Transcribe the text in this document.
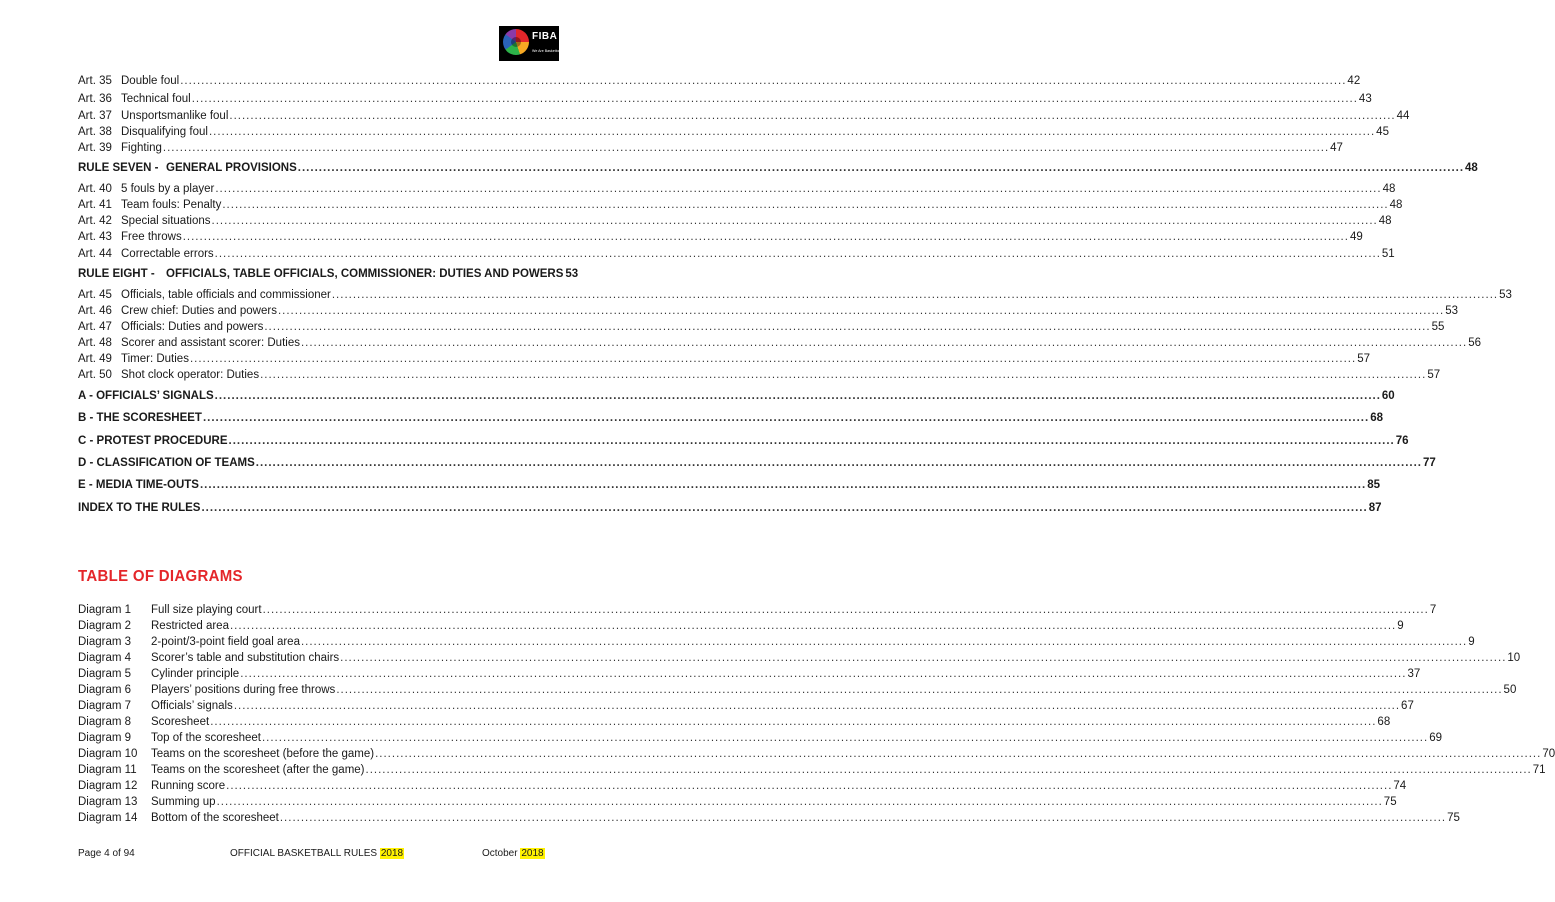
FIBA
We Are Basketball
Art. 35 Double foul .....	42
Art. 36 Technical foul .....	43
Art. 37 Unsportsmanlike foul .....	44
Art. 38 Disqualifying foul .....	45
Art. 39 Fighting .....	47
RULE SEVEN - GENERAL PROVISIONS .....	48
Art. 40 5 fouls by a player .....	48
Art. 41 Team fouls: Penalty .....	48
Art. 42 Special situations .....	48
Art. 43 Free throws .....	49
Art. 44 Correctable errors .....	51
RULE EIGHT - OFFICIALS, TABLE OFFICIALS, COMMISSIONER: DUTIES AND POWERS 53
Art. 45 Officials, table officials and commissioner .....	53
Art. 46 Crew chief: Duties and powers .....	53
Art. 47 Officials: Duties and powers .....	55
Art. 48 Scorer and assistant scorer: Duties .....	56
Art. 49 Timer: Duties .....	57
Art. 50 Shot clock operator: Duties .....	57
A - OFFICIALS’ SIGNALS .....	60
B - THE SCORESHEET .....	68
C - PROTEST PROCEDURE .....	76
D - CLASSIFICATION OF TEAMS .....	77
E - MEDIA TIME-OUTS .....	85
INDEX TO THE RULES .....	87
TABLE OF DIAGRAMS
Diagram 1 Full size playing court .....	7
Diagram 2 Restricted area .....	9
Diagram 3 2-point/3-point field goal area .....	9
Diagram 4 Scorer’s table and substitution chairs .....	10
Diagram 5 Cylinder principle .....	37
Diagram 6 Players’ positions during free throws .....	50
Diagram 7 Officials’ signals .....	67
Diagram 8 Scoresheet .....	68
Diagram 9 Top of the scoresheet .....	69
Diagram 10 Teams on the scoresheet (before the game) .....	70
Diagram 11 Teams on the scoresheet (after the game) .....	71
Diagram 12 Running score .....	74
Diagram 13 Summing up .....	75
Diagram 14 Bottom of the scoresheet .....	75
Page 4 of 94	OFFICIAL BASKETBALL RULES 2018	October 2018
